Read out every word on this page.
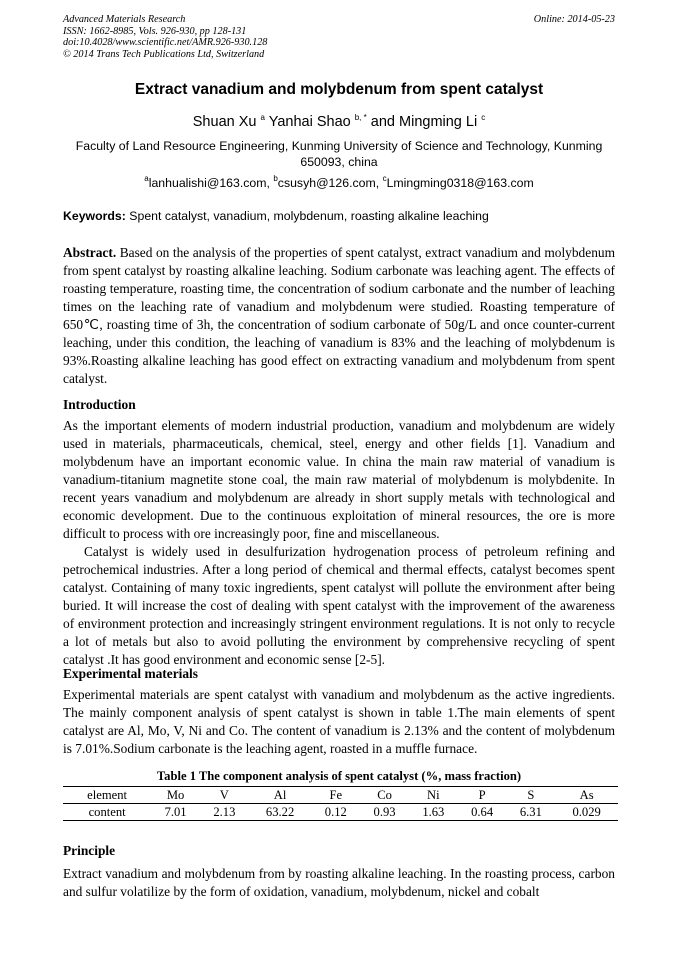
Advanced Materials Research
ISSN: 1662-8985, Vols. 926-930, pp 128-131
doi:10.4028/www.scientific.net/AMR.926-930.128
© 2014 Trans Tech Publications Ltd, Switzerland
Online: 2014-05-23
Extract vanadium and molybdenum from spent catalyst
Shuan Xu $^a$ Yanhai Shao $^{b, *}$ and Mingming Li $^c$
Faculty of Land Resource Engineering, Kunming University of Science and Technology, Kunming 650093, china
$^a$lanhualishi@163.com, $^b$csusyh@126.com, $^c$Lmingming0318@163.com
Keywords: Spent catalyst, vanadium, molybdenum, roasting alkaline leaching
Abstract. Based on the analysis of the properties of spent catalyst, extract vanadium and molybdenum from spent catalyst by roasting alkaline leaching. Sodium carbonate was leaching agent. The effects of roasting temperature, roasting time, the concentration of sodium carbonate and the number of leaching times on the leaching rate of vanadium and molybdenum were studied. Roasting temperature of 650℃, roasting time of 3h, the concentration of sodium carbonate of 50g/L and once counter-current leaching, under this condition, the leaching of vanadium is 83% and the leaching of molybdenum is 93%.Roasting alkaline leaching has good effect on extracting vanadium and molybdenum from spent catalyst.
Introduction
As the important elements of modern industrial production, vanadium and molybdenum are widely used in materials, pharmaceuticals, chemical, steel, energy and other fields [1]. Vanadium and molybdenum have an important economic value. In china the main raw material of vanadium is vanadium-titanium magnetite stone coal, the main raw material of molybdenum is molybdenite. In recent years vanadium and molybdenum are already in short supply metals with technological and economic development. Due to the continuous exploitation of mineral resources, the ore is more difficult to process with ore increasingly poor, fine and miscellaneous.
Catalyst is widely used in desulfurization hydrogenation process of petroleum refining and petrochemical industries. After a long period of chemical and thermal effects, catalyst becomes spent catalyst. Containing of many toxic ingredients, spent catalyst will pollute the environment after being buried. It will increase the cost of dealing with spent catalyst with the improvement of the awareness of environment protection and increasingly stringent environment regulations. It is not only to recycle a lot of metals but also to avoid polluting the environment by comprehensive recycling of spent catalyst .It has good environment and economic sense [2-5].
Experimental materials
Experimental materials are spent catalyst with vanadium and molybdenum as the active ingredients. The mainly component analysis of spent catalyst is shown in table 1.The main elements of spent catalyst are Al, Mo, V, Ni and Co. The content of vanadium is 2.13% and the content of molybdenum is 7.01%.Sodium carbonate is the leaching agent, roasted in a muffle furnace.
Table 1 The component analysis of spent catalyst (%, mass fraction)
element	Mo	V	Al	Fe	Co	Ni	P	S	As
content	7.01	2.13	63.22	0.12	0.93	1.63	0.64	6.31	0.029
Principle
Extract vanadium and molybdenum from by roasting alkaline leaching. In the roasting process, carbon and sulfur volatilize by the form of oxidation, vanadium, molybdenum, nickel and cobalt
